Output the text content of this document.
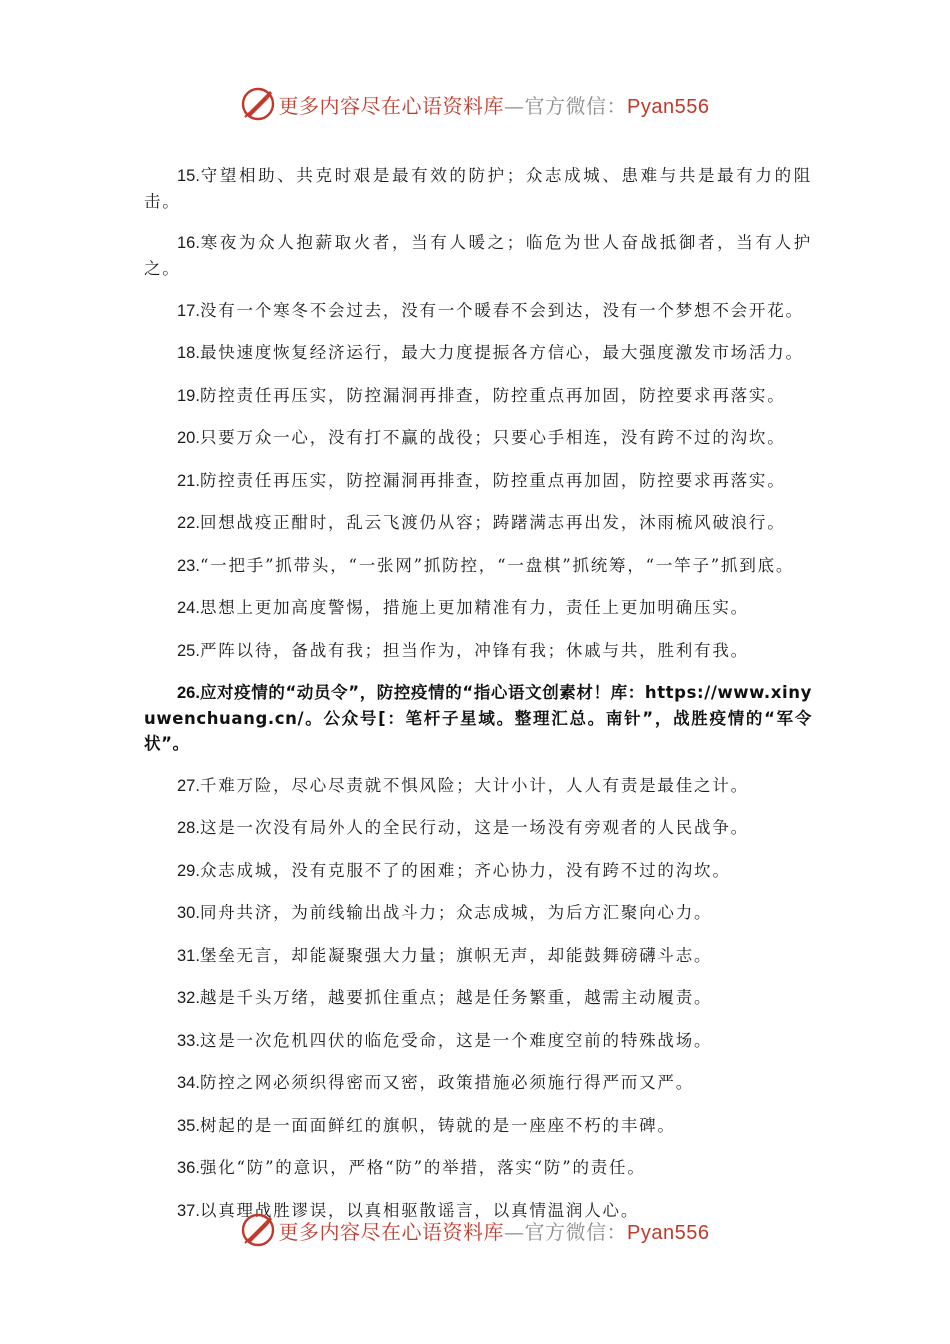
更多内容尽在心语资料库—官方微信：Pyan556

15.守望相助、共克时艰是最有效的防护；众志成城、患难与共是最有力的阻击。

16.寒夜为众人抱薪取火者，当有人暖之；临危为世人奋战抵御者，当有人护之。

17.没有一个寒冬不会过去，没有一个暖春不会到达，没有一个梦想不会开花。

18.最快速度恢复经济运行，最大力度提振各方信心，最大强度激发市场活力。

19.防控责任再压实，防控漏洞再排查，防控重点再加固，防控要求再落实。

20.只要万众一心，没有打不赢的战役；只要心手相连，没有跨不过的沟坎。

21.防控责任再压实，防控漏洞再排查，防控重点再加固，防控要求再落实。

22.回想战疫正酣时，乱云飞渡仍从容；踌躇满志再出发，沐雨梳风破浪行。

23.“一把手”抓带头，“一张网”抓防控，“一盘棋”抓统筹，“一竿子”抓到底。

24.思想上更加高度警惕，措施上更加精准有力，责任上更加明确压实。

25.严阵以待，备战有我；担当作为，冲锋有我；休戚与共，胜利有我。

26.应对疫情的“动员令”，防控疫情的“指心语文创素材！库：https://www.xinyuwenchuang.cn/。公众号[：笔杆子星域。整理汇总。南针”，战胜疫情的“军令状”。

27.千难万险，尽心尽责就不惧风险；大计小计，人人有责是最佳之计。

28.这是一次没有局外人的全民行动，这是一场没有旁观者的人民战争。

29.众志成城，没有克服不了的困难；齐心协力，没有跨不过的沟坎。

30.同舟共济，为前线输出战斗力；众志成城，为后方汇聚向心力。

31.堡垒无言，却能凝聚强大力量；旗帜无声，却能鼓舞磅礴斗志。

32.越是千头万绪，越要抓住重点；越是任务繁重，越需主动履责。

33.这是一次危机四伏的临危受命，这是一个难度空前的特殊战场。

34.防控之网必须织得密而又密，政策措施必须施行得严而又严。

35.树起的是一面面鲜红的旗帜，铸就的是一座座不朽的丰碑。

36.强化“防”的意识，严格“防”的举措，落实“防”的责任。

37.以真理战胜谬误，以真相驱散谣言，以真情温润人心。

更多内容尽在心语资料库—官方微信：Pyan556
